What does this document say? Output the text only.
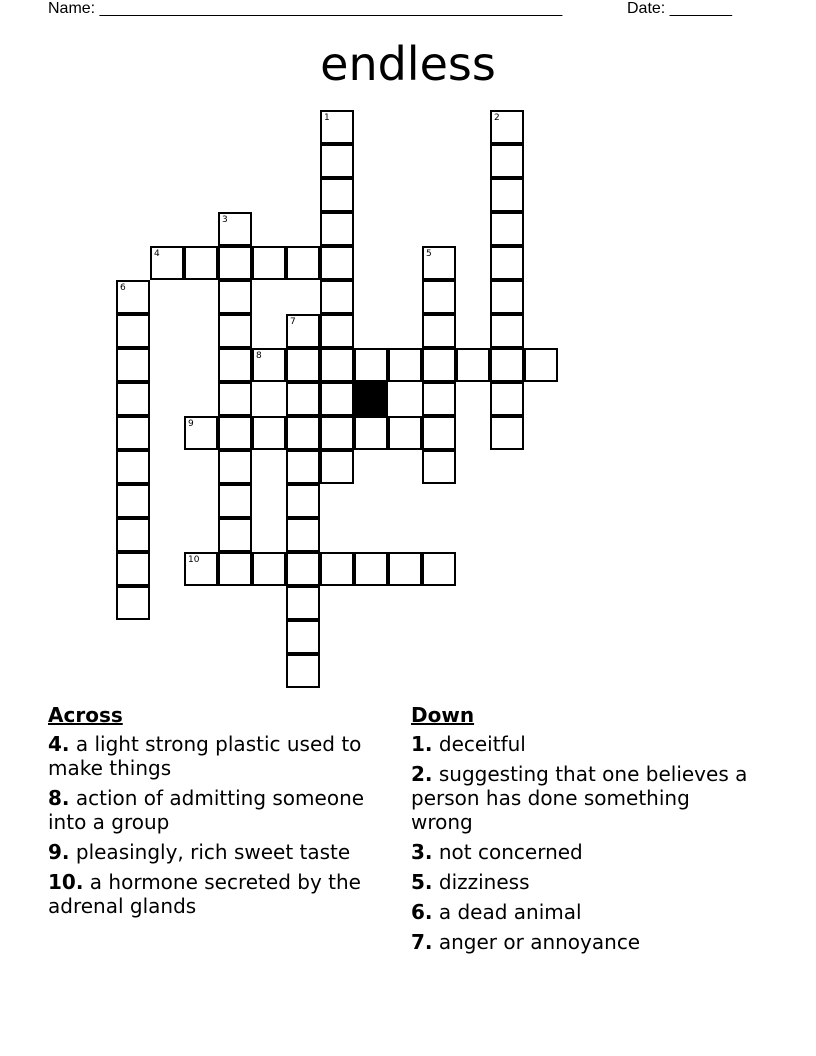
Name: ____________________________________________________	Date: _______
endless
1	2
3
4	5
6
7
8
9
10
Across
4. a light strong plastic used to make things
8. action of admitting someone into a group
9. pleasingly, rich sweet taste
10. a hormone secreted by the adrenal glands
Down
1. deceitful
2. suggesting that one believes a person has done something wrong
3. not concerned
5. dizziness
6. a dead animal
7. anger or annoyance
